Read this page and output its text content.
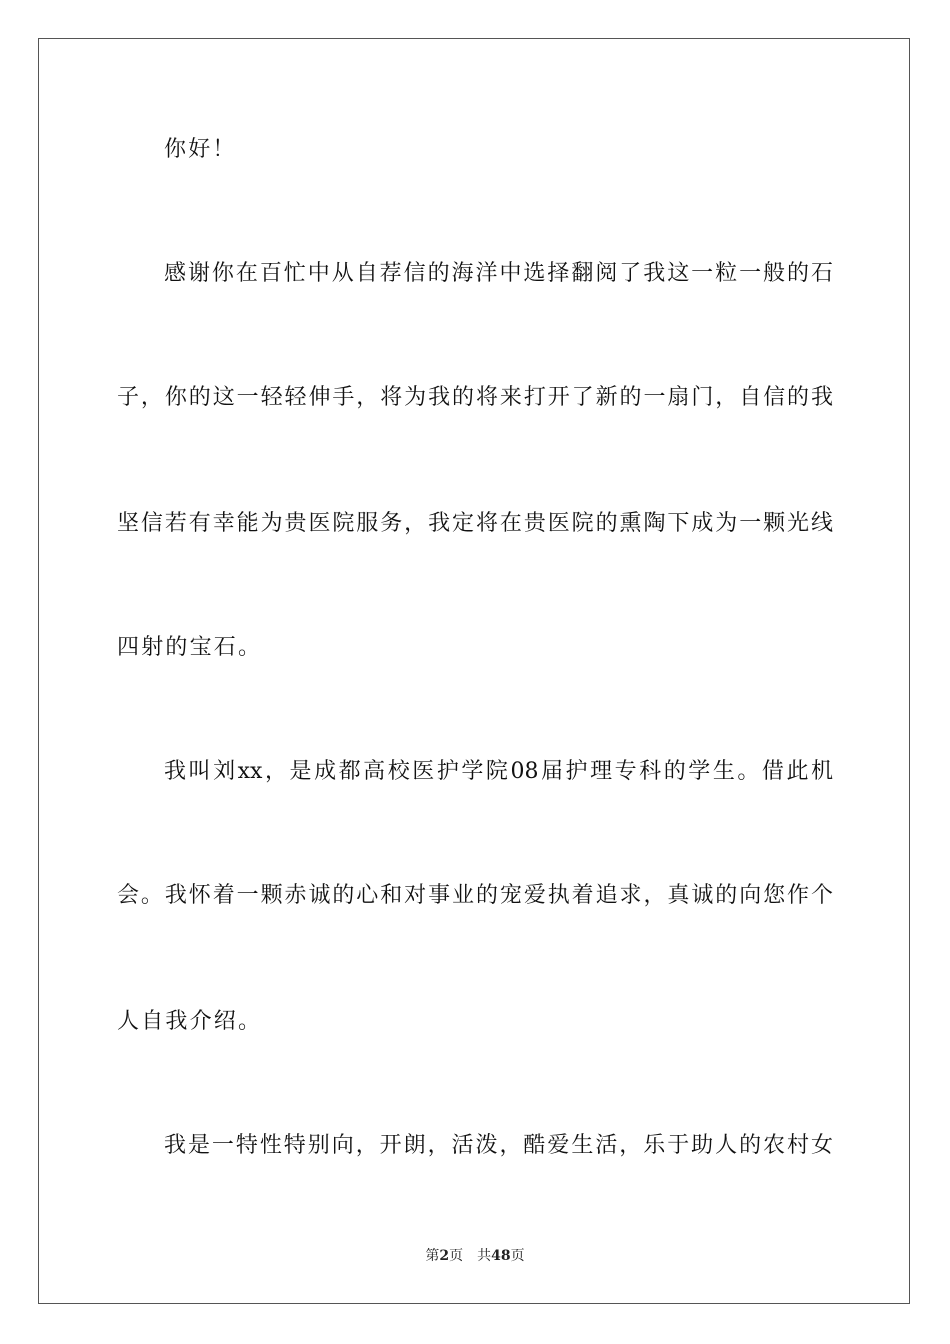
你好！
感谢你在百忙中从自荐信的海洋中选择翻阅了我这一粒一般的石
子，你的这一轻轻伸手，将为我的将来打开了新的一扇门，自信的我
坚信若有幸能为贵医院服务，我定将在贵医院的熏陶下成为一颗光线
四射的宝石。
我叫刘xx，是成都高校医护学院08届护理专科的学生。借此机
会。我怀着一颗赤诚的心和对事业的宠爱执着追求，真诚的向您作个
人自我介绍。
我是一特性特别向，开朗，活泼，酷爱生活，乐于助人的农村女
第2页 共48页
